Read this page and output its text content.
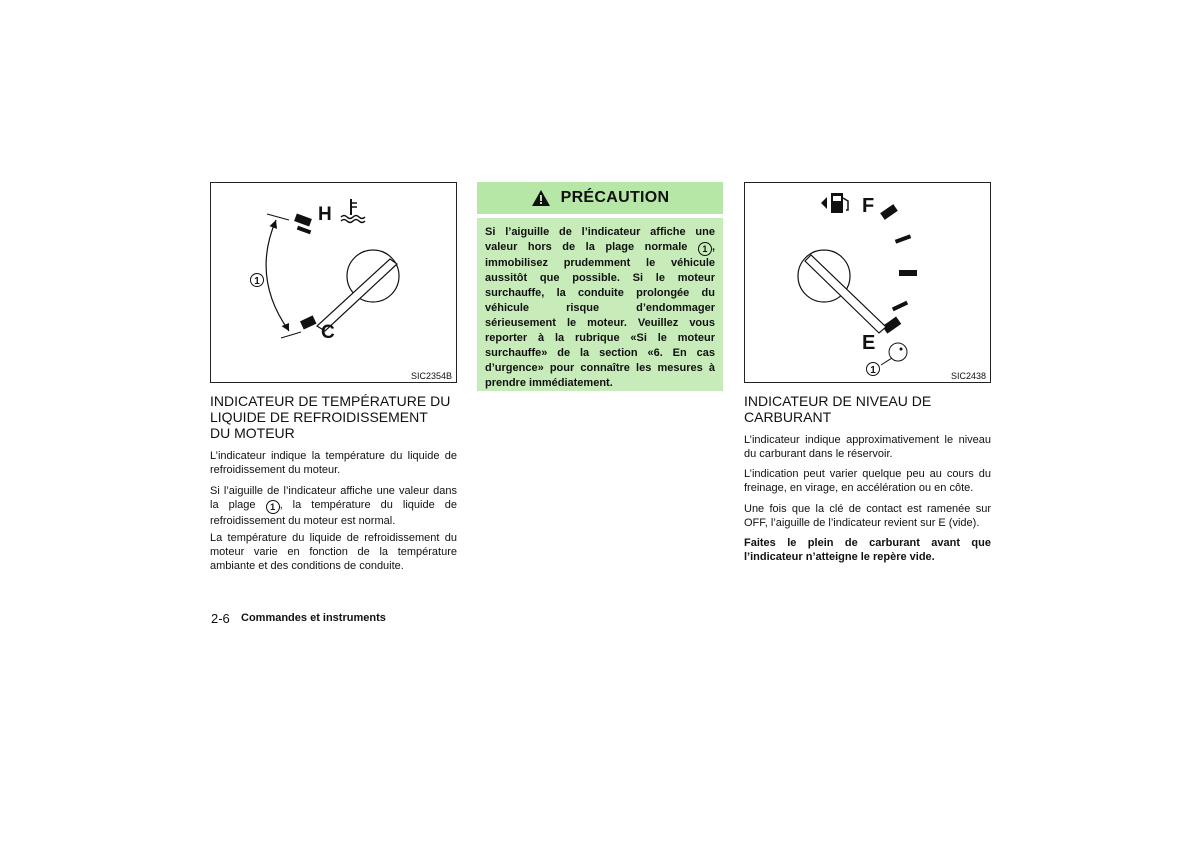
H
C
1
SIC2354B
INDICATEUR DE TEMPÉRATURE DU
LIQUIDE DE REFROIDISSEMENT
DU MOTEUR

L’indicateur indique la température du liquide de refroidissement du moteur.

Si l’aiguille de l’indicateur affiche une valeur dans la plage 1 , la température du liquide de refroidissement du moteur est normal.

La température du liquide de refroidissement du moteur varie en fonction de la température ambiante et des conditions de conduite.

PRÉCAUTION
Si l’aiguille de l’indicateur affiche une valeur hors de la plage normale 1 , immobilisez prudemment le véhicule aussitôt que possible. Si le moteur surchauffe, la conduite prolongée du véhicule risque d’endommager sérieusement le moteur. Veuillez vous reporter à la rubrique «Si le moteur surchauffe» de la section «6. En cas d’urgence» pour connaître les mesures à prendre immédiatement.
F
E
1	SIC2438
INDICATEUR DE NIVEAU DE
CARBURANT

L’indicateur indique approximativement le niveau du carburant dans le réservoir.

L’indication peut varier quelque peu au cours du freinage, en virage, en accélération ou en côte.

Une fois que la clé de contact est ramenée sur OFF, l’aiguille de l’indicateur revient sur E (vide).

Faites le plein de carburant avant que l’indicateur n’atteigne le repère vide.

2-6 Commandes et instruments
